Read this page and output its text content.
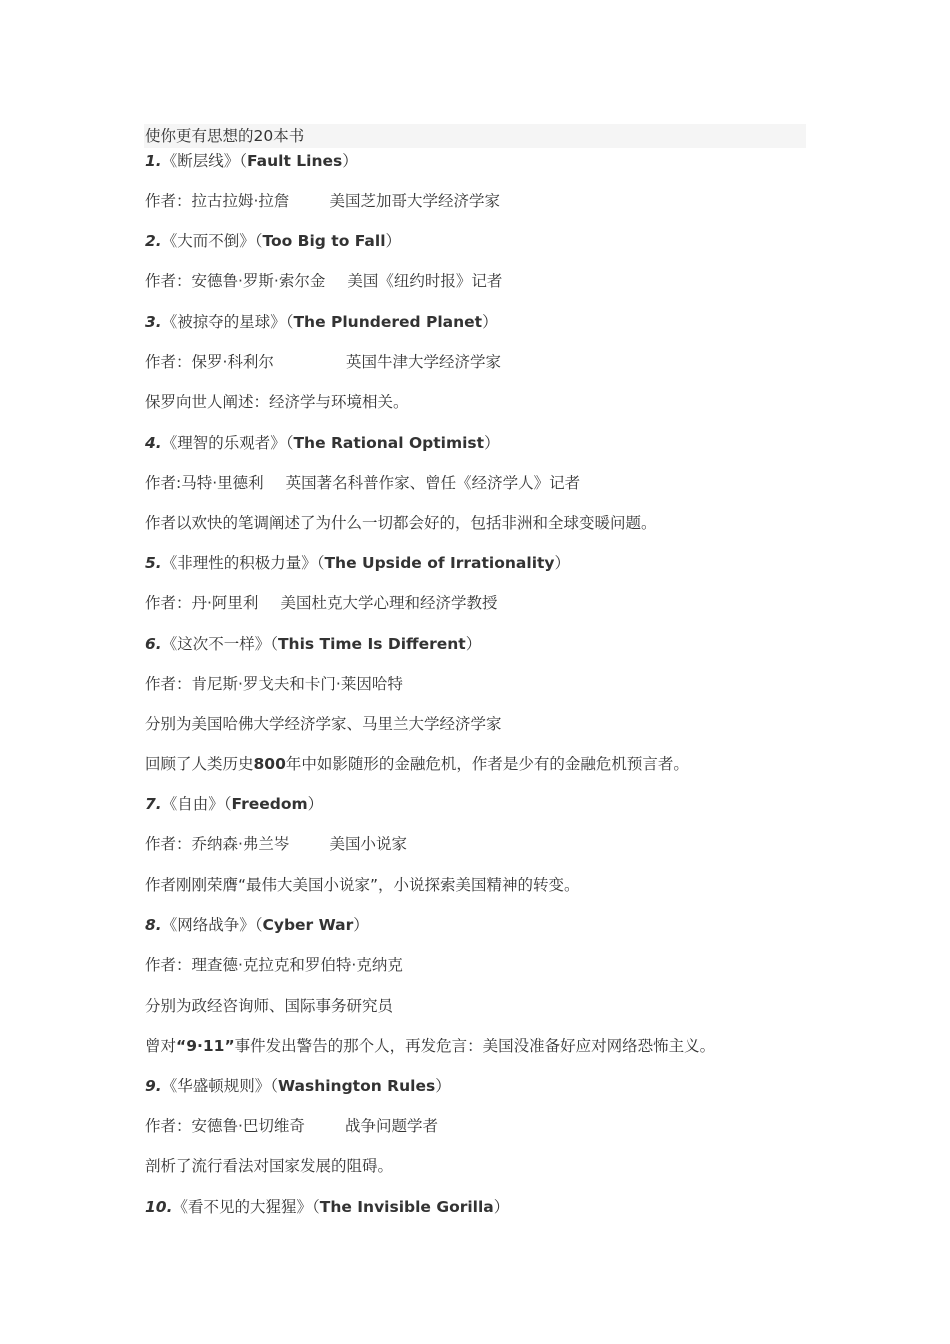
使你更有思想的20本书
1.《断层线》（Fault Lines）
作者：拉古拉姆·拉詹	美国芝加哥大学经济学家
2.《大而不倒》（Too Big to Fall）
作者：安德鲁·罗斯·索尔金 美国《纽约时报》记者
3.《被掠夺的星球》（The Plundered Planet）
作者：保罗·科利尔	英国牛津大学经济学家
保罗向世人阐述：经济学与环境相关。
4.《理智的乐观者》（The Rational Optimist）
作者:马特·里德利 英国著名科普作家、曾任《经济学人》记者
作者以欢快的笔调阐述了为什么一切都会好的，包括非洲和全球变暖问题。
5.《非理性的积极力量》（The Upside of Irrationality）
作者：丹·阿里利 美国杜克大学心理和经济学教授
6.《这次不一样》（This Time Is Different）
作者：肯尼斯·罗戈夫和卡门·莱因哈特
分别为美国哈佛大学经济学家、马里兰大学经济学家
回顾了人类历史800年中如影随形的金融危机，作者是少有的金融危机预言者。
7.《自由》（Freedom）
作者：乔纳森·弗兰岑	美国小说家
作者刚刚荣膺“最伟大美国小说家”，小说探索美国精神的转变。
8.《网络战争》（Cyber War）
作者：理查德·克拉克和罗伯特·克纳克
分别为政经咨询师、国际事务研究员
曾对“9·11”事件发出警告的那个人，再发危言：美国没准备好应对网络恐怖主义。
9.《华盛顿规则》（Washington Rules）
作者：安德鲁·巴切维奇	战争问题学者
剖析了流行看法对国家发展的阻碍。
10.《看不见的大猩猩》（The Invisible Gorilla）
